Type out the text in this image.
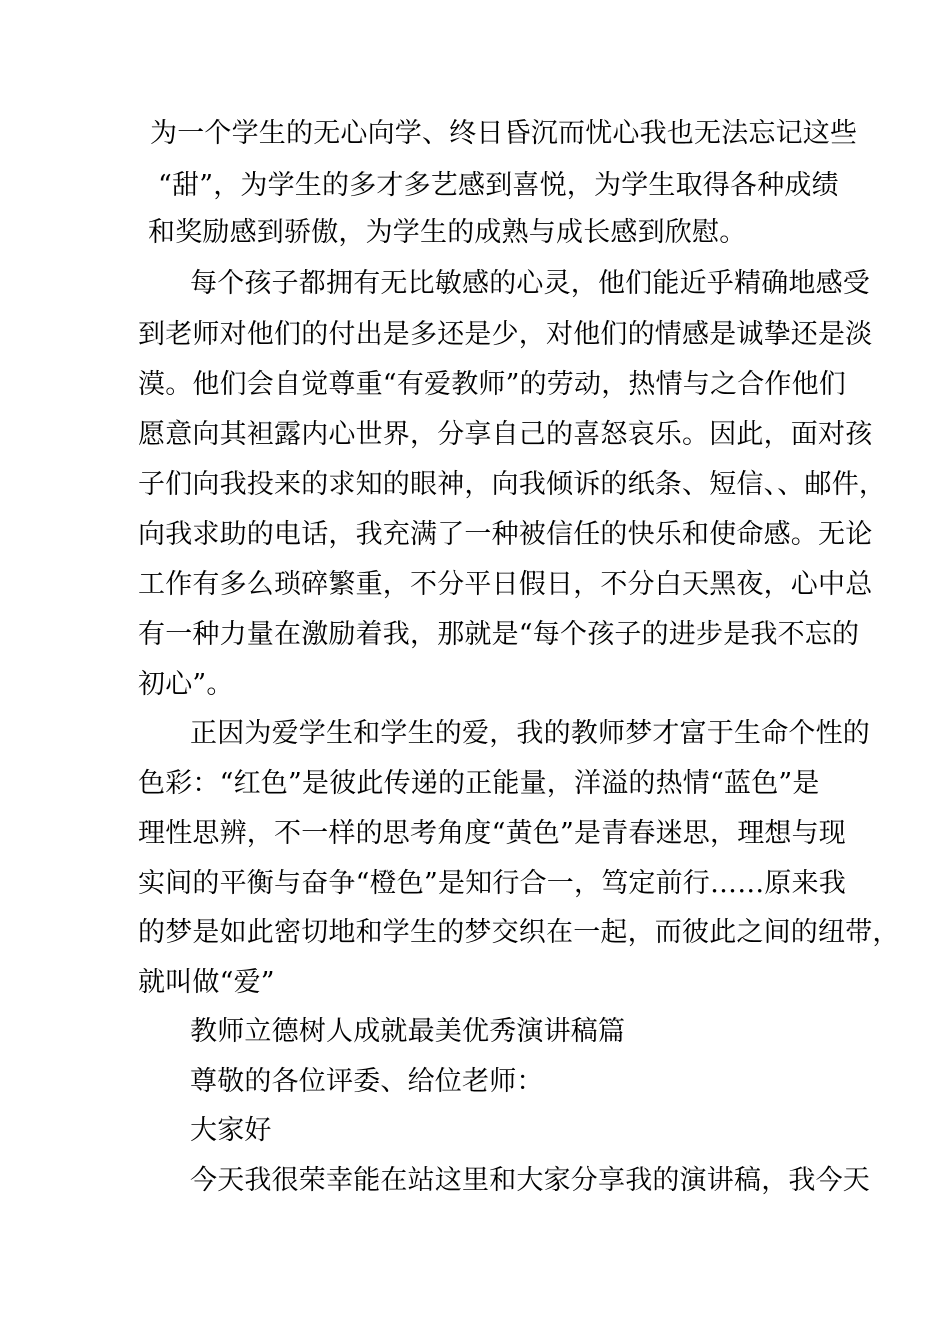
为一个学生的无心向学、终日昏沉而忧心我也无法忘记这些
“甜”，为学生的多才多艺感到喜悦，为学生取得各种成绩
和奖励感到骄傲，为学生的成熟与成长感到欣慰。
每个孩子都拥有无比敏感的心灵，他们能近乎精确地感受
到老师对他们的付出是多还是少，对他们的情感是诚挚还是淡
漠。他们会自觉尊重“有爱教师”的劳动，热情与之合作他们
愿意向其袒露内心世界，分享自己的喜怒哀乐。因此，面对孩
子们向我投来的求知的眼神，向我倾诉的纸条、短信、、邮件，
向我求助的电话，我充满了一种被信任的快乐和使命感。无论
工作有多么琐碎繁重，不分平日假日，不分白天黑夜，心中总
有一种力量在激励着我，那就是“每个孩子的进步是我不忘的
初心”。
正因为爱学生和学生的爱，我的教师梦才富于生命个性的
色彩：“红色”是彼此传递的正能量，洋溢的热情“蓝色”是
理性思辨，不一样的思考角度“黄色”是青春迷思，理想与现
实间的平衡与奋争“橙色”是知行合一，笃定前行……原来我
的梦是如此密切地和学生的梦交织在一起，而彼此之间的纽带，
就叫做“爱”
教师立德树人成就最美优秀演讲稿篇
尊敬的各位评委、给位老师：
大家好
今天我很荣幸能在站这里和大家分享我的演讲稿，我今天
